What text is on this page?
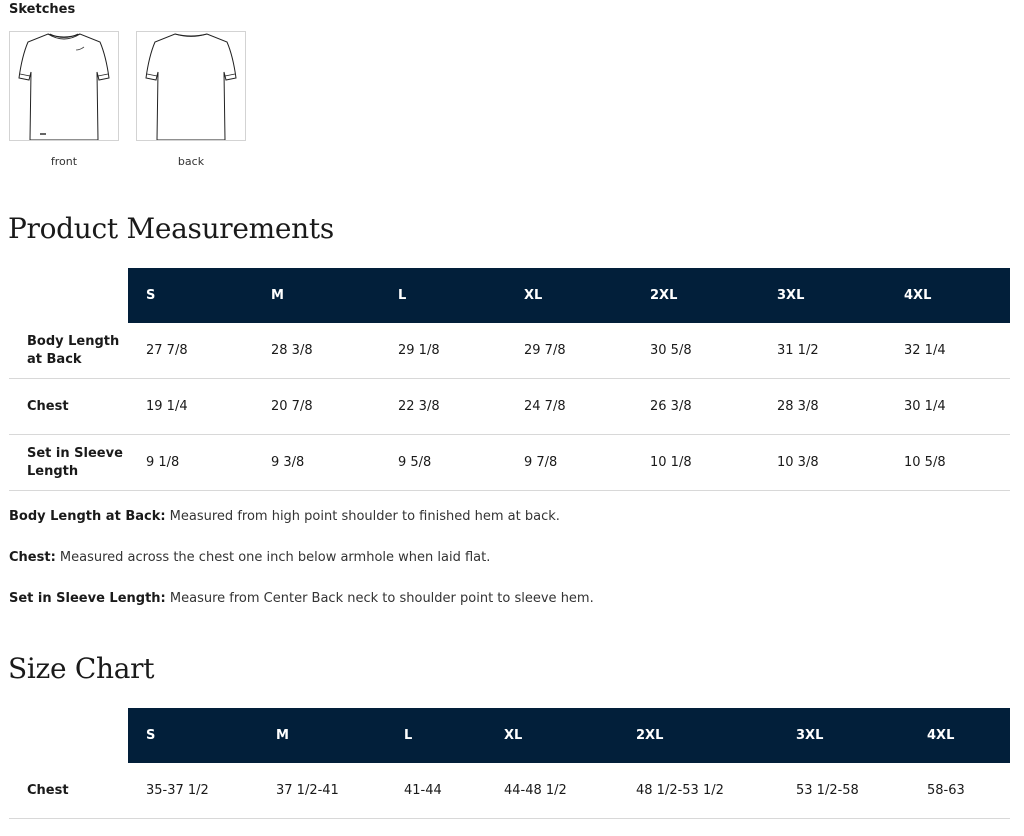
Sketches
front	back
Product Measurements
	S	M	L	XL	2XL	3XL	4XL
Body Length at Back	27 7/8	28 3/8	29 1/8	29 7/8	30 5/8	31 1/2	32 1/4
Chest	19 1/4	20 7/8	22 3/8	24 7/8	26 3/8	28 3/8	30 1/4
Set in Sleeve Length	9 1/8	9 3/8	9 5/8	9 7/8	10 1/8	10 3/8	10 5/8

Body Length at Back: Measured from high point shoulder to finished hem at back.

Chest: Measured across the chest one inch below armhole when laid flat.

Set in Sleeve Length: Measure from Center Back neck to shoulder point to sleeve hem.

Size Chart
	S	M	L	XL	2XL	3XL	4XL
Chest	35-37 1/2	37 1/2-41	41-44	44-48 1/2	48 1/2-53 1/2	53 1/2-58	58-63
